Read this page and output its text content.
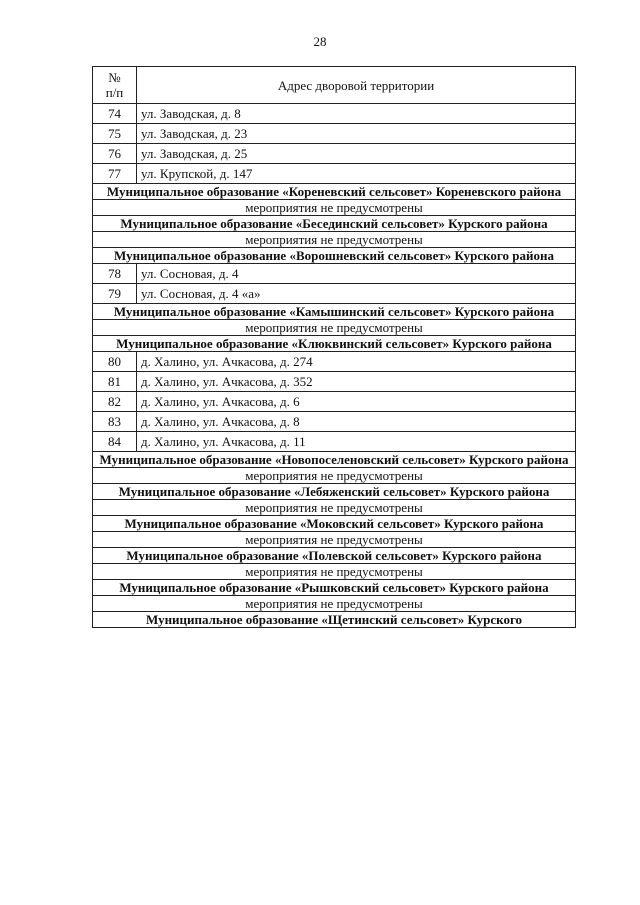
28
№
п/п	Адрес дворовой территории
74	ул. Заводская, д. 8
75	ул. Заводская, д. 23
76	ул. Заводская, д. 25
77	ул. Крупской, д. 147
Муниципальное образование «Кореневский сельсовет» Кореневского района	
мероприятия не предусмотрены	
Муниципальное образование «Бесединский сельсовет» Курского района	
мероприятия не предусмотрены	
Муниципальное образование «Ворошневский сельсовет» Курского района	
78	ул. Сосновая, д. 4
79	ул. Сосновая, д. 4 «а»
Муниципальное образование «Камышинский сельсовет» Курского района	
мероприятия не предусмотрены	
Муниципальное образование «Клюквинский сельсовет» Курского района	
80	д. Халино, ул. Ачкасова, д. 274
81	д. Халино, ул. Ачкасова, д. 352
82	д. Халино, ул. Ачкасова, д. 6
83	д. Халино, ул. Ачкасова, д. 8
84	д. Халино, ул. Ачкасова, д. 11
Муниципальное образование «Новопоселеновский сельсовет» Курского района	
мероприятия не предусмотрены	
Муниципальное образование «Лебяженский сельсовет» Курского района	
мероприятия не предусмотрены	
Муниципальное образование «Моковский сельсовет» Курского района	
мероприятия не предусмотрены	
Муниципальное образование «Полевской сельсовет» Курского района	
мероприятия не предусмотрены	
Муниципальное образование «Рышковский сельсовет» Курского района	
мероприятия не предусмотрены	
Муниципальное образование «Щетинский сельсовет» Курского	
